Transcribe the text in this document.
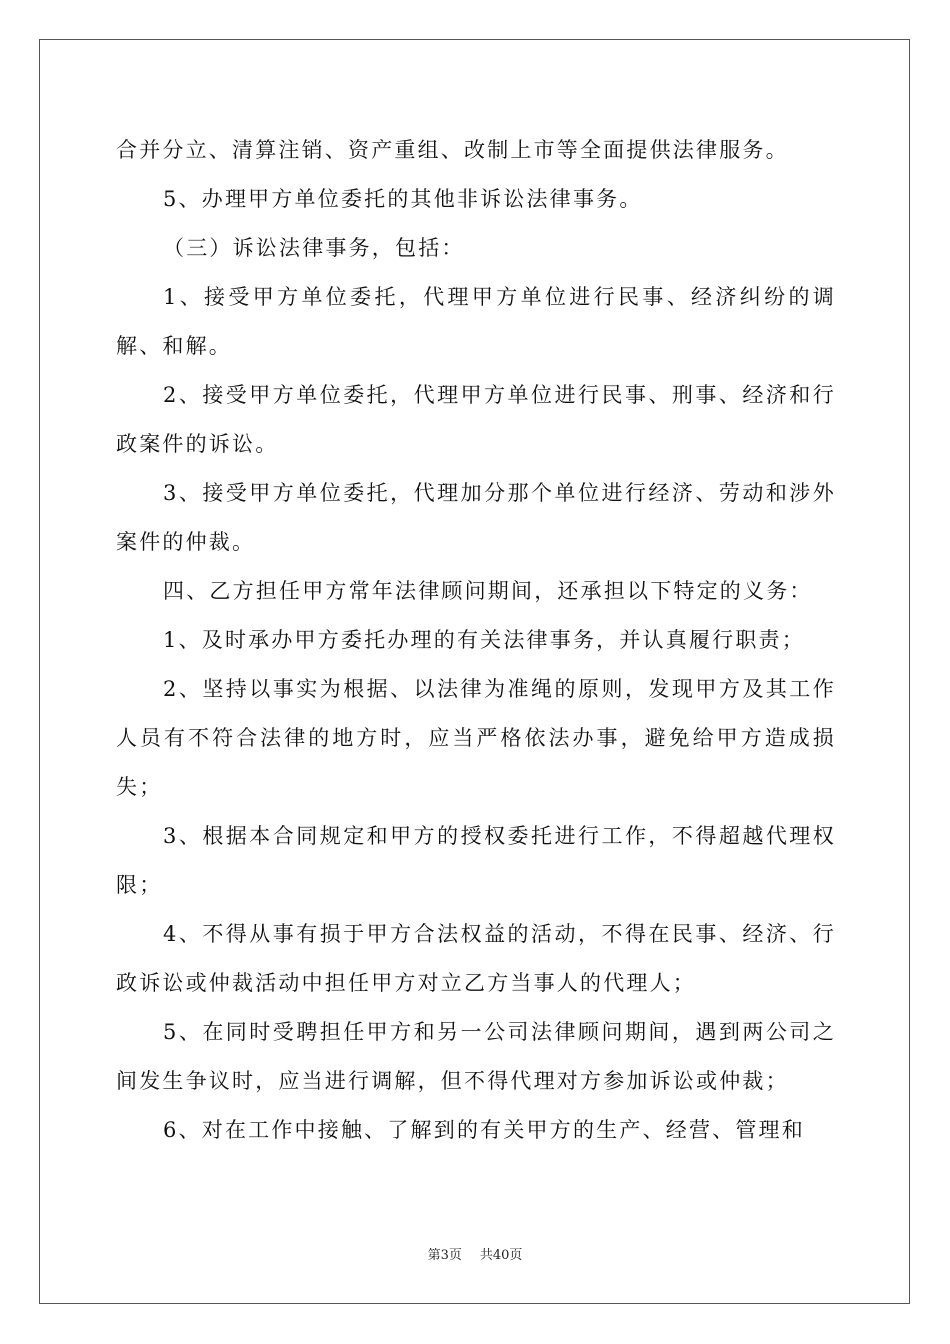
合并分立、清算注销、资产重组、改制上市等全面提供法律服务。

5、办理甲方单位委托的其他非诉讼法律事务。

（三）诉讼法律事务，包括：

1、接受甲方单位委托，代理甲方单位进行民事、经济纠纷的调解、和解。

2、接受甲方单位委托，代理甲方单位进行民事、刑事、经济和行政案件的诉讼。

3、接受甲方单位委托，代理加分那个单位进行经济、劳动和涉外案件的仲裁。

四、乙方担任甲方常年法律顾问期间，还承担以下特定的义务：

1、及时承办甲方委托办理的有关法律事务，并认真履行职责；

2、坚持以事实为根据、以法律为准绳的原则，发现甲方及其工作人员有不符合法律的地方时，应当严格依法办事，避免给甲方造成损失；

3、根据本合同规定和甲方的授权委托进行工作，不得超越代理权限；

4、不得从事有损于甲方合法权益的活动，不得在民事、经济、行政诉讼或仲裁活动中担任甲方对立乙方当事人的代理人；

5、在同时受聘担任甲方和另一公司法律顾问期间，遇到两公司之间发生争议时，应当进行调解，但不得代理对方参加诉讼或仲裁；

6、对在工作中接触、了解到的有关甲方的生产、经营、管理和

第3页 共40页
